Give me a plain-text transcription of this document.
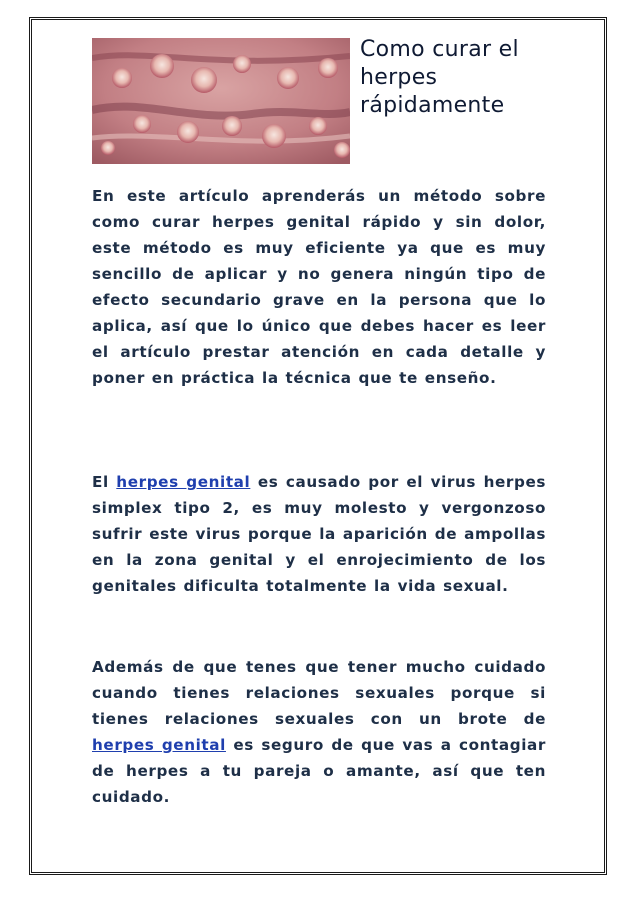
Como curar el herpes rápidamente

En este artículo aprenderás un método sobre como curar herpes genital rápido y sin dolor, este método es muy eficiente ya que es muy sencillo de aplicar y no genera ningún tipo de efecto secundario grave en la persona que lo aplica, así que lo único que debes hacer es leer el artículo prestar atención en cada detalle y poner en práctica la técnica que te enseño.

El herpes genital es causado por el virus herpes simplex tipo 2, es muy molesto y vergonzoso sufrir este virus porque la aparición de ampollas en la zona genital y el enrojecimiento de los genitales dificulta totalmente la vida sexual.

Además de que tenes que tener mucho cuidado cuando tienes relaciones sexuales porque si tienes relaciones sexuales con un brote de herpes genital es seguro de que vas a contagiar de herpes a tu pareja o amante, así que ten cuidado.
